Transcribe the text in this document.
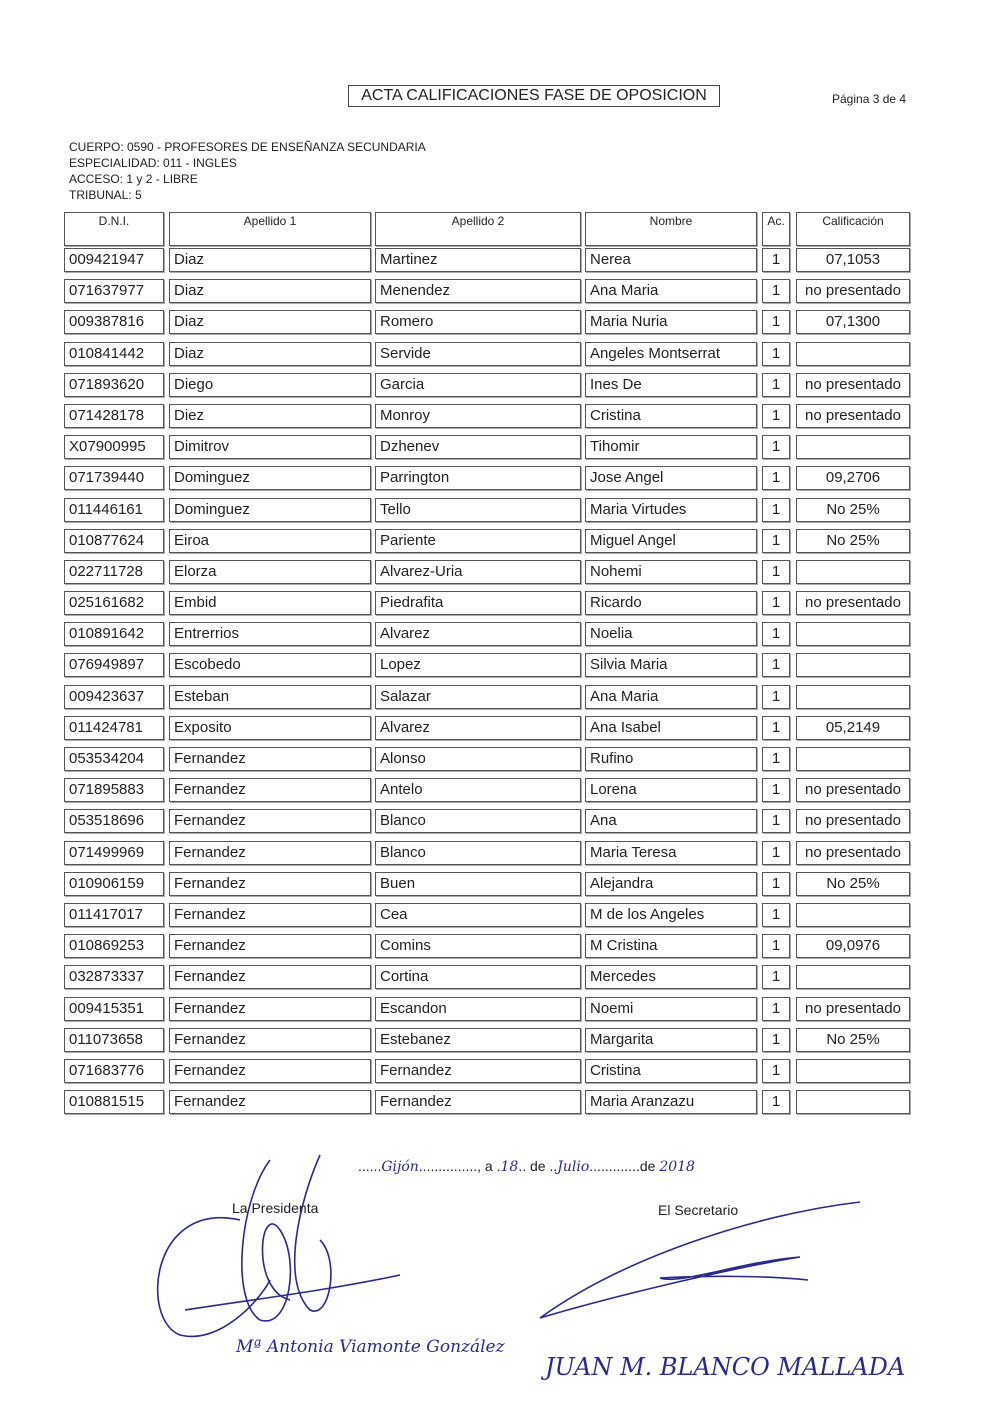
ACTA CALIFICACIONES FASE DE OPOSICION	Página 3 de 4
CUERPO: 0590 - PROFESORES DE ENSEÑANZA SECUNDARIA
ESPECIALIDAD: 011 - INGLES
ACCESO: 1 y 2 - LIBRE
TRIBUNAL: 5
D.N.I.	Apellido 1	Apellido 2	Nombre	Ac.	Calificación
009421947	Diaz	Martinez	Nerea	1	07,1053
071637977	Diaz	Menendez	Ana Maria	1	no presentado
009387816	Diaz	Romero	Maria Nuria	1	07,1300
010841442	Diaz	Servide	Angeles Montserrat	1
071893620	Diego	Garcia	Ines De	1	no presentado
071428178	Diez	Monroy	Cristina	1	no presentado
X07900995	Dimitrov	Dzhenev	Tihomir	1
071739440	Dominguez	Parrington	Jose Angel	1	09,2706
011446161	Dominguez	Tello	Maria Virtudes	1	No 25%
010877624	Eiroa	Pariente	Miguel Angel	1	No 25%
022711728	Elorza	Alvarez-Uria	Nohemi	1
025161682	Embid	Piedrafita	Ricardo	1	no presentado
010891642	Entrerrios	Alvarez	Noelia	1
076949897	Escobedo	Lopez	Silvia Maria	1
009423637	Esteban	Salazar	Ana Maria	1
011424781	Exposito	Alvarez	Ana Isabel	1	05,2149
053534204	Fernandez	Alonso	Rufino	1
071895883	Fernandez	Antelo	Lorena	1	no presentado
053518696	Fernandez	Blanco	Ana	1	no presentado
071499969	Fernandez	Blanco	Maria Teresa	1	no presentado
010906159	Fernandez	Buen	Alejandra	1	No 25%
011417017	Fernandez	Cea	M de los Angeles	1
010869253	Fernandez	Comins	M Cristina	1	09,0976
032873337	Fernandez	Cortina	Mercedes	1
009415351	Fernandez	Escandon	Noemi	1	no presentado
011073658	Fernandez	Estebanez	Margarita	1	No 25%
071683776	Fernandez	Fernandez	Cristina	1
010881515	Fernandez	Fernandez	Maria Aranzazu	1
......Gijón..............., a .18.. de ..Julio.............de 2018
La Presidenta	El Secretario
JUAN M. BLANCO MALLADA
Mª Antonia Viamonte González
